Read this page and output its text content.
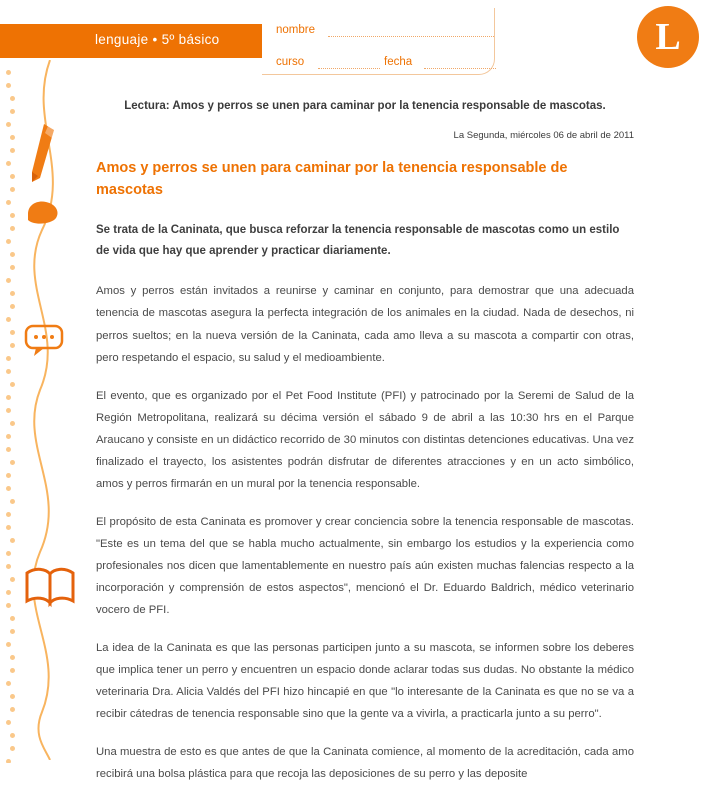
lenguaje • 5º básico
nombre
curso	fecha
L
Lectura: Amos y perros se unen para caminar por la tenencia responsable de mascotas.
La Segunda, miércoles 06 de abril de 2011
Amos y perros se unen para caminar por la tenencia responsable de mascotas
Se trata de la Caninata, que busca reforzar la tenencia responsable de mascotas como un estilo de vida que hay que aprender y practicar diariamente.

Amos y perros están invitados a reunirse y caminar en conjunto, para demostrar que una adecuada tenencia de mascotas asegura la perfecta integración de los animales en la ciudad. Nada de desechos, ni perros sueltos; en la nueva versión de la Caninata, cada amo lleva a su mascota a compartir con otras, pero respetando el espacio, su salud y el medioambiente.

El evento, que es organizado por el Pet Food Institute (PFI) y patrocinado por la Seremi de Salud de la Región Metropolitana, realizará su décima versión el sábado 9 de abril a las 10:30 hrs en el Parque Araucano y consiste en un didáctico recorrido de 30 minutos con distintas detenciones educativas. Una vez finalizado el trayecto, los asistentes podrán disfrutar de diferentes atracciones y en un acto simbólico, amos y perros firmarán en un mural por la tenencia responsable.

El propósito de esta Caninata es promover y crear conciencia sobre la tenencia responsable de mascotas. "Este es un tema del que se habla mucho actualmente, sin embargo los estudios y la experiencia como profesionales nos dicen que lamentablemente en nuestro país aún existen muchas falencias respecto a la incorporación y comprensión de estos aspectos", mencionó el Dr. Eduardo Baldrich, médico veterinario vocero de PFI.

La idea de la Caninata es que las personas participen junto a su mascota, se informen sobre los deberes que implica tener un perro y encuentren un espacio donde aclarar todas sus dudas. No obstante la médico veterinaria Dra. Alicia Valdés del PFI hizo hincapié en que "lo interesante de la Caninata es que no se va a recibir cátedras de tenencia responsable sino que la gente va a vivirla, a practicarla junto a su perro".

Una muestra de esto es que antes de que la Caninata comience, al momento de la acreditación, cada amo recibirá una bolsa plástica para que recoja las deposiciones de su perro y las deposite
